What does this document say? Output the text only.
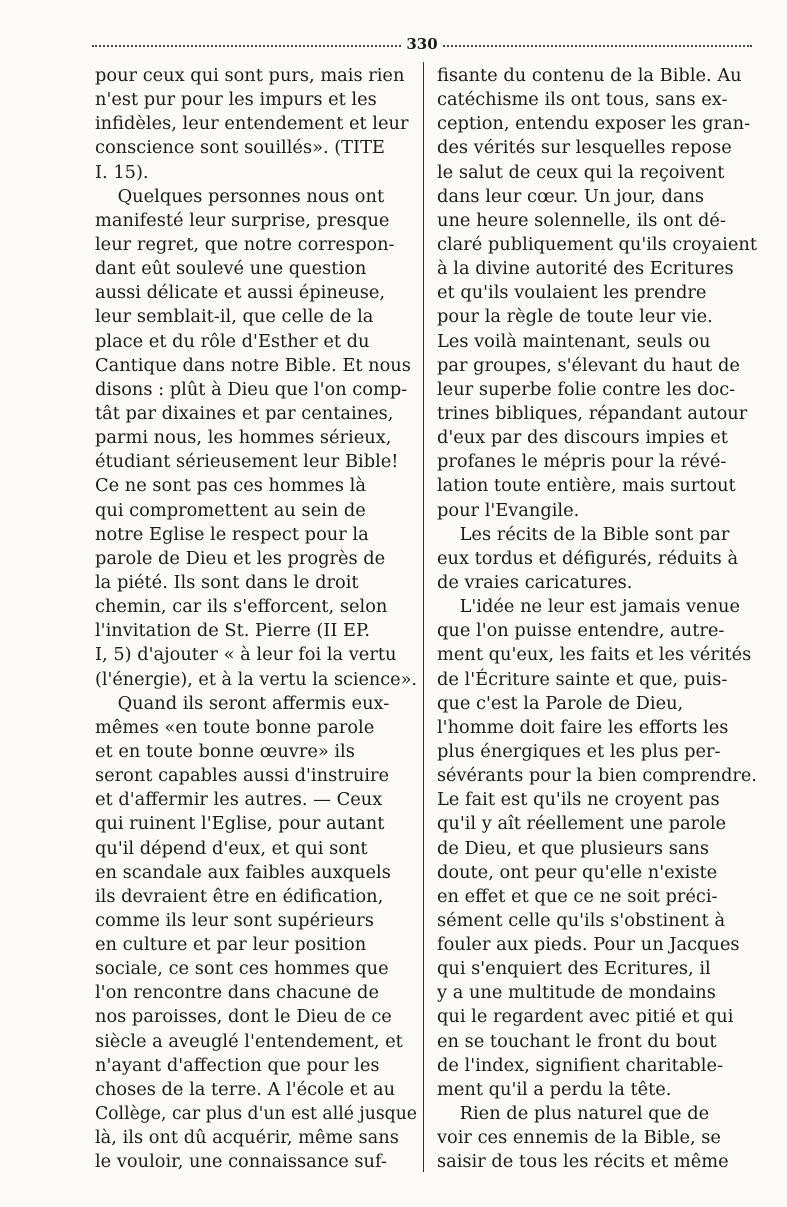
330
pour ceux qui sont purs, mais rien
n'est pur pour les impurs et les
infidèles, leur entendement et leur
conscience sont souillés». (TITE
I. 15).
Quelques personnes nous ont
manifesté leur surprise, presque
leur regret, que notre correspon-
dant eût soulevé une question
aussi délicate et aussi épineuse,
leur semblait-il, que celle de la
place et du rôle d'Esther et du
Cantique dans notre Bible. Et nous
disons : plût à Dieu que l'on comp-
tât par dixaines et par centaines,
parmi nous, les hommes sérieux,
étudiant sérieusement leur Bible!
Ce ne sont pas ces hommes là
qui compromettent au sein de
notre Eglise le respect pour la
parole de Dieu et les progrès de
la piété. Ils sont dans le droit
chemin, car ils s'efforcent, selon
l'invitation de St. Pierre (II EP.
I, 5) d'ajouter « à leur foi la vertu
(l'énergie), et à la vertu la science».
Quand ils seront affermis eux-
mêmes «en toute bonne parole
et en toute bonne œuvre» ils
seront capables aussi d'instruire
et d'affermir les autres. — Ceux
qui ruinent l'Eglise, pour autant
qu'il dépend d'eux, et qui sont
en scandale aux faibles auxquels
ils devraient être en édification,
comme ils leur sont supérieurs
en culture et par leur position
sociale, ce sont ces hommes que
l'on rencontre dans chacune de
nos paroisses, dont le Dieu de ce
siècle a aveuglé l'entendement, et
n'ayant d'affection que pour les
choses de la terre. A l'école et au
Collège, car plus d'un est allé jusque
là, ils ont dû acquérir, même sans
le vouloir, une connaissance suf-
fisante du contenu de la Bible. Au
catéchisme ils ont tous, sans ex-
ception, entendu exposer les gran-
des vérités sur lesquelles repose
le salut de ceux qui la reçoivent
dans leur cœur. Un jour, dans
une heure solennelle, ils ont dé-
claré publiquement qu'ils croyaient
à la divine autorité des Ecritures
et qu'ils voulaient les prendre
pour la règle de toute leur vie.
Les voilà maintenant, seuls ou
par groupes, s'élevant du haut de
leur superbe folie contre les doc-
trines bibliques, répandant autour
d'eux par des discours impies et
profanes le mépris pour la révé-
lation toute entière, mais surtout
pour l'Evangile.
Les récits de la Bible sont par
eux tordus et défigurés, réduits à
de vraies caricatures.
L'idée ne leur est jamais venue
que l'on puisse entendre, autre-
ment qu'eux, les faits et les vérités
de l'Écriture sainte et que, puis-
que c'est la Parole de Dieu,
l'homme doit faire les efforts les
plus énergiques et les plus per-
sévérants pour la bien comprendre.
Le fait est qu'ils ne croyent pas
qu'il y aît réellement une parole
de Dieu, et que plusieurs sans
doute, ont peur qu'elle n'existe
en effet et que ce ne soit préci-
sément celle qu'ils s'obstinent à
fouler aux pieds. Pour un Jacques
qui s'enquiert des Ecritures, il
y a une multitude de mondains
qui le regardent avec pitié et qui
en se touchant le front du bout
de l'index, signifient charitable-
ment qu'il a perdu la tête.
Rien de plus naturel que de
voir ces ennemis de la Bible, se
saisir de tous les récits et même
